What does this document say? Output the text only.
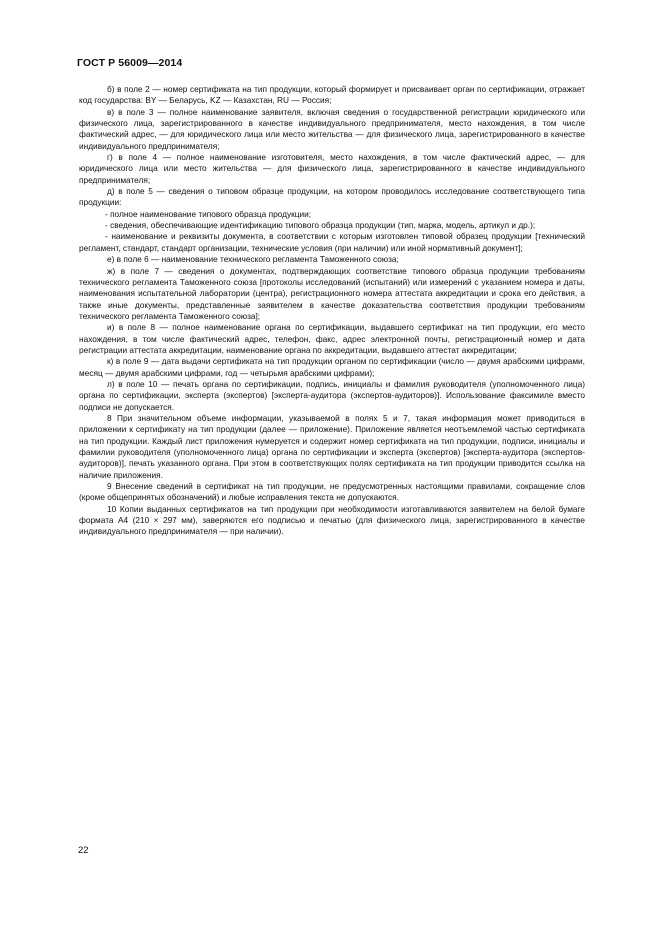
ГОСТ Р 56009—2014

б) в поле 2 — номер сертификата на тип продукции, который формирует и присваивает орган по сертификации, отражает код государства: BY — Беларусь, KZ — Казахстан, RU — Россия;

в) в поле 3 — полное наименование заявителя, включая сведения о государственной регистрации юридического или физического лица, зарегистрированного в качестве индивидуального предпринимателя, место нахождения, в том числе фактический адрес, — для юридического лица или место жительства — для физического лица, зарегистрированного в качестве индивидуального предпринимателя;

г) в поле 4 — полное наименование изготовителя, место нахождения, в том числе фактический адрес, — для юридического лица или место жительства — для физического лица, зарегистрированного в качестве индивидуального предпринимателя;

д) в поле 5 — сведения о типовом образце продукции, на котором проводилось исследование соответствующего типа продукции:

- полное наименование типового образца продукции;

- сведения, обеспечивающие идентификацию типового образца продукции (тип, марка, модель, артикул и др.);

- наименование и реквизиты документа, в соответствии с которым изготовлен типовой образец продукции [технический регламент, стандарт, стандарт организации, технические условия (при наличии) или иной нормативный документ];

е) в поле 6 — наименование технического регламента Таможенного союза;

ж) в поле 7 — сведения о документах, подтверждающих соответствие типового образца продукции требованиям технического регламента Таможенного союза [протоколы исследований (испытаний) или измерений с указанием номера и даты, наименования испытательной лаборатории (центра), регистрационного номера аттестата аккредитации и срока его действия, а также иные документы, представленные заявителем в качестве доказательства соответствия продукции требованиям технического регламента Таможенного союза];

и) в поле 8 — полное наименование органа по сертификации, выдавшего сертификат на тип продукции, его место нахождения, в том числе фактический адрес, телефон, факс, адрес электронной почты, регистрационный номер и дата регистрации аттестата аккредитации, наименование органа по аккредитации, выдавшего аттестат аккредитации;

к) в поле 9 — дата выдачи сертификата на тип продукции органом по сертификации (число — двумя арабскими цифрами, месяц — двумя арабскими цифрами, год — четырьмя арабскими цифрами);

л) в поле 10 — печать органа по сертификации, подпись, инициалы и фамилия руководителя (уполномоченного лица) органа по сертификации, эксперта (экспертов) [эксперта-аудитора (экспертов-аудиторов)]. Использование факсимиле вместо подписи не допускается.

8 При значительном объеме информации, указываемой в полях 5 и 7, такая информация может приводиться в приложении к сертификату на тип продукции (далее — приложение). Приложение является неотъемлемой частью сертификата на тип продукции. Каждый лист приложения нумеруется и содержит номер сертификата на тип продукции, подписи, инициалы и фамилии руководителя (уполномоченного лица) органа по сертификации и эксперта (экспертов) [эксперта-аудитора (экспертов-аудиторов)], печать указанного органа. При этом в соответствующих полях сертификата на тип продукции приводится ссылка на наличие приложения.

9 Внесение сведений в сертификат на тип продукции, не предусмотренных настоящими правилами, сокращение слов (кроме общепринятых обозначений) и любые исправления текста не допускаются.

10 Копии выданных сертификатов на тип продукции при необходимости изготавливаются заявителем на белой бумаге формата А4 (210 × 297 мм), заверяются его подписью и печатью (для физического лица, зарегистрированного в качестве индивидуального предпринимателя — при наличии).

22
